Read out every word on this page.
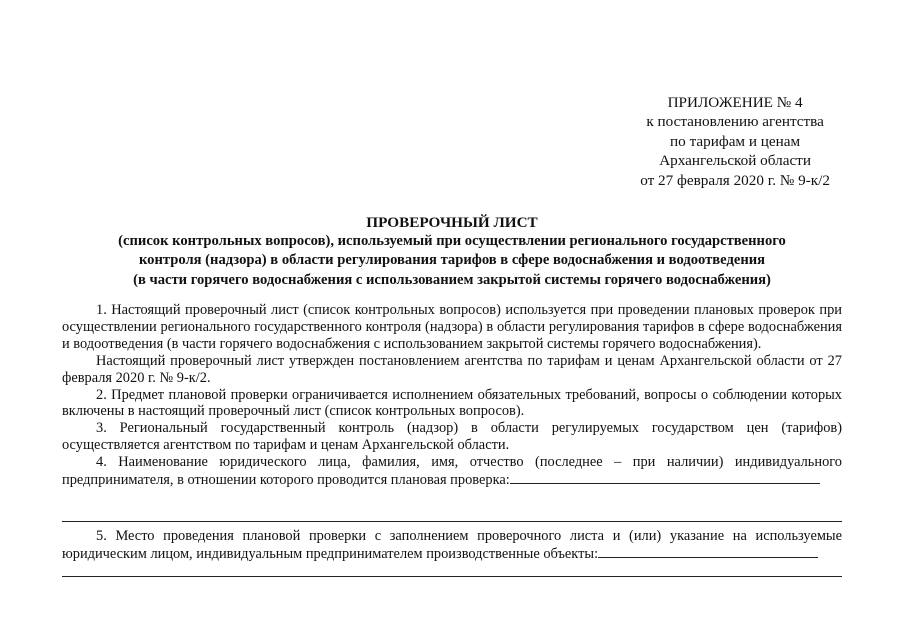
ПРИЛОЖЕНИЕ № 4
к постановлению агентства
по тарифам и ценам
Архангельской области
от 27 февраля 2020 г. № 9-к/2
ПРОВЕРОЧНЫЙ ЛИСТ
(список контрольных вопросов), используемый при осуществлении регионального государственного
контроля (надзора) в области регулирования тарифов в сфере водоснабжения и водоотведения
(в части горячего водоснабжения с использованием закрытой системы горячего водоснабжения)

1. Настоящий проверочный лист (список контрольных вопросов) используется при проведении плановых проверок при осуществлении регионального государственного контроля (надзора) в области регулирования тарифов в сфере водоснабжения и водоотведения (в части горячего водоснабжения с использованием закрытой системы горячего водоснабжения).

Настоящий проверочный лист утвержден постановлением агентства по тарифам и ценам Архангельской области от 27 февраля 2020 г. № 9-к/2.

2. Предмет плановой проверки ограничивается исполнением обязательных требований, вопросы о соблюдении которых включены в настоящий проверочный лист (список контрольных вопросов).

3. Региональный государственный контроль (надзор) в области регулируемых государством цен (тарифов) осуществляется агентством по тарифам и ценам Архангельской области.

4. Наименование юридического лица, фамилия, имя, отчество (последнее – при наличии) индивидуального предпринимателя, в отношении которого проводится плановая проверка:

5. Место проведения плановой проверки с заполнением проверочного листа и (или) указание на используемые юридическим лицом, индивидуальным предпринимателем производственные объекты:
